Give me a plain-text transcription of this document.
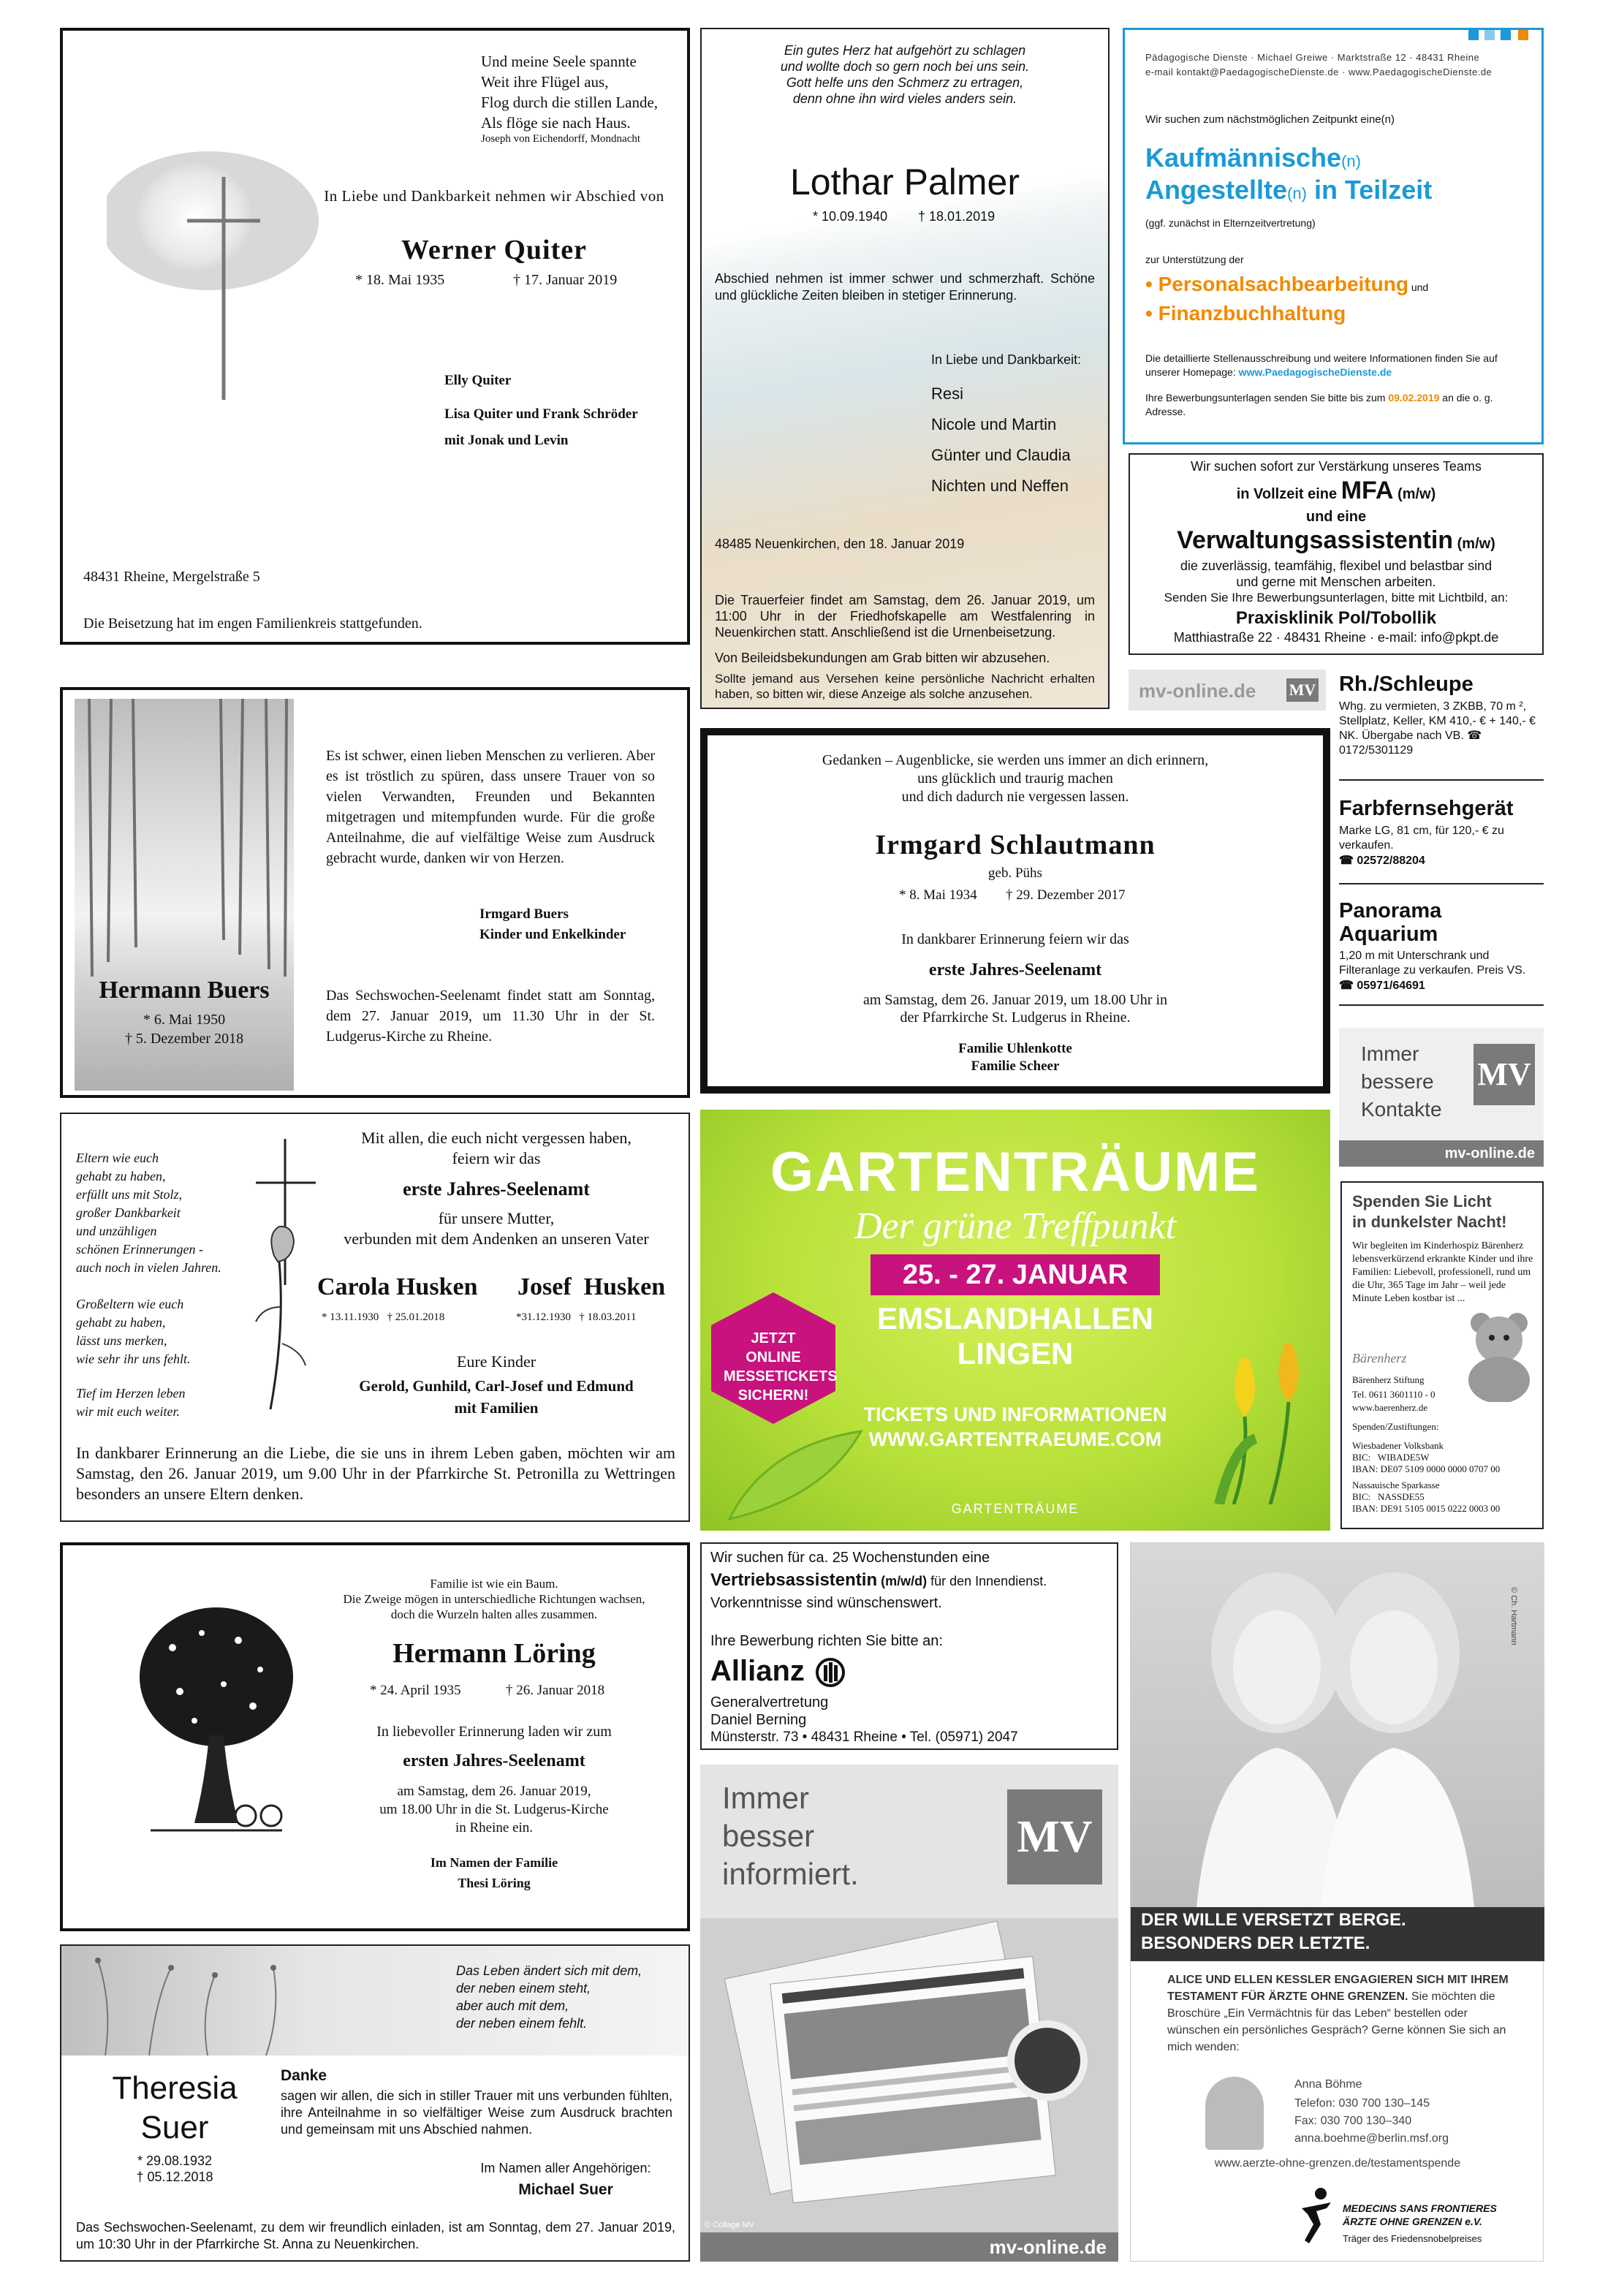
Und meine Seele spannte
Weit ihre Flügel aus,
Flog durch die stillen Lande,
Als flöge sie nach Haus.
Joseph von Eichendorff, Mondnacht
In Liebe und Dankbarkeit nehmen wir Abschied von
Werner Quiter
* 18. Mai 1935	† 17. Januar 2019
Elly Quiter
Lisa Quiter und Frank Schröder
mit Jonak und Levin
48431 Rheine, Mergelstraße 5
Die Beisetzung hat im engen Familienkreis stattgefunden.
Ein gutes Herz hat aufgehört zu schlagen
und wollte doch so gern noch bei uns sein.
Gott helfe uns den Schmerz zu ertragen,
denn ohne ihn wird vieles anders sein.
Lothar Palmer
* 10.09.1940 † 18.01.2019
Abschied nehmen ist immer schwer und schmerzhaft. Schöne und glückliche Zeiten bleiben in stetiger Erinnerung.
In Liebe und Dankbarkeit:
Resi
Nicole und Martin
Günter und Claudia
Nichten und Neffen
48485 Neuenkirchen, den 18. Januar 2019
Die Trauerfeier findet am Samstag, dem 26. Januar 2019, um 11:00 Uhr in der Friedhofskapelle am Westfalenring in Neuenkirchen statt. Anschließend ist die Urnenbeisetzung.
Von Beileidsbekundungen am Grab bitten wir abzusehen.
Sollte jemand aus Versehen keine persönliche Nachricht erhalten haben, so bitten wir, diese Anzeige als solche anzusehen.
Pädagogische Dienste · Michael Greiwe · Marktstraße 12 · 48431 Rheine
e-mail kontakt@PaedagogischeDienste.de · www.PaedagogischeDienste.de
Wir suchen zum nächstmöglichen Zeitpunkt eine(n)
Kaufmännische(n)
Angestellte(n) in Teilzeit
(ggf. zunächst in Elternzeitvertretung)
zur Unterstützung der
• Personalsachbearbeitung und
• Finanzbuchhaltung
Die detaillierte Stellenausschreibung und weitere Informationen finden Sie auf unserer Homepage: www.PaedagogischeDienste.de
Ihre Bewerbungsunterlagen senden Sie bitte bis zum 09.02.2019 an die o. g. Adresse.
Wir suchen sofort zur Verstärkung unseres Teams
in Vollzeit eine MFA (m/w)
und eine
Verwaltungsassistentin (m/w)
die zuverlässig, teamfähig, flexibel und belastbar sind
und gerne mit Menschen arbeiten.
Senden Sie Ihre Bewerbungsunterlagen, bitte mit Lichtbild, an:
Praxisklinik Pol/Tobollik
Matthiastraße 22 · 48431 Rheine · e-mail: info@pkpt.de
mv-online.de MV Rh./Schleupe
Whg. zu vermieten, 3 ZKBB, 70 m ², Stellplatz, Keller, KM 410,- € + 140,- € NK. Übergabe nach VB. ☎ 0172/5301129
Farbfernsehgerät
Marke LG, 81 cm, für 120,- € zu verkaufen.
☎ 02572/88204
Panorama Aquarium
1,20 m mit Unterschrank und Filteranlage zu verkaufen. Preis VS.
☎ 05971/64691
Immer
bessere
Kontakte
MV
mv-online.de
Hermann Buers
* 6. Mai 1950
† 5. Dezember 2018
Es ist schwer, einen lieben Menschen zu verlieren. Aber es ist tröstlich zu spüren, dass unsere Trauer von so vielen Verwandten, Freunden und Bekannten mitgetragen und mitempfunden wurde. Für die große Anteilnahme, die auf vielfältige Weise zum Ausdruck gebracht wurde, danken wir von Herzen.
Irmgard Buers
Kinder und Enkelkinder
Das Sechswochen-Seelenamt findet statt am Sonntag, dem 27. Januar 2019, um 11.30 Uhr in der St. Ludgerus-Kirche zu Rheine.
Gedanken – Augenblicke, sie werden uns immer an dich erinnern,
uns glücklich und traurig machen
und dich dadurch nie vergessen lassen.
Irmgard Schlautmann
geb. Pühs
* 8. Mai 1934 † 29. Dezember 2017
In dankbarer Erinnerung feiern wir das
erste Jahres-Seelenamt
am Samstag, dem 26. Januar 2019, um 18.00 Uhr in
der Pfarrkirche St. Ludgerus in Rheine.
Familie Uhlenkotte
Familie Scheer
Eltern wie euch
gehabt zu haben,
erfüllt uns mit Stolz,
großer Dankbarkeit
und unzähligen
schönen Erinnerungen -
auch noch in vielen Jahren.
Großeltern wie euch
gehabt zu haben,
lässt uns merken,
wie sehr ihr uns fehlt.
Tief im Herzen leben
wir mit euch weiter.
Mit allen, die euch nicht vergessen haben,
feiern wir das
erste Jahres-Seelenamt
für unsere Mutter,
verbunden mit dem Andenken an unseren Vater
Carola Husken
* 13.11.1930   † 25.01.2018
Josef  Husken
*31.12.1930   † 18.03.2011
Eure Kinder
Gerold, Gunhild, Carl-Josef und Edmund
mit Familien
In dankbarer Erinnerung an die Liebe, die sie uns in ihrem Leben gaben, möchten wir am Samstag, den 26. Januar 2019, um 9.00 Uhr in der Pfarrkirche St. Petronilla zu Wettringen besonders an unsere Eltern denken.
GARTENTRÄUME
Der grüne Treffpunkt
25. - 27. JANUAR
EMSLANDHALLEN
LINGEN
JETZT ONLINE MESSETICKETS SICHERN!
TICKETS UND INFORMATIONEN
WWW.GARTENTRAEUME.COM
GARTENTRÄUME
Spenden Sie Licht
in dunkelster Nacht!
Wir begleiten im Kinderhospiz Bärenherz lebensverkürzend erkrankte Kinder und ihre Familien: Liebevoll, professionell, rund um die Uhr, 365 Tage im Jahr – weil jede Minute Leben kostbar ist ...
Bärenherz
Bärenherz Stiftung
Tel. 0611 3601110 - 0
www.baerenherz.de
Spenden/Zustiftungen:
Wiesbadener Volksbank
BIC:   WIBADE5W
IBAN: DE07 5109 0000 0000 0707 00
Nassauische Sparkasse
BIC:   NASSDE55
IBAN: DE91 5105 0015 0222 0003 00
Familie ist wie ein Baum.
Die Zweige mögen in unterschiedliche Richtungen wachsen,
doch die Wurzeln halten alles zusammen.
Hermann Löring
* 24. April 1935	† 26. Januar 2018
In liebevoller Erinnerung laden wir zum
ersten Jahres-Seelenamt
am Samstag, dem 26. Januar 2019,
um 18.00 Uhr in die St. Ludgerus-Kirche
in Rheine ein.
Im Namen der Familie
Thesi Löring
Wir suchen für ca. 25 Wochenstunden eine
Vertriebsassistentin (m/w/d) für den Innendienst.
Vorkenntnisse sind wünschenswert.
Ihre Bewerbung richten Sie bitte an:
Allianz
Generalvertretung
Daniel Berning
Münsterstr. 73 • 48431 Rheine • Tel. (05971) 2047
Immer
besser
informiert.
MV
© Collage MV
mv-online.de
© Ch. Hartmann
DER WILLE VERSETZT BERGE.
BESONDERS DER LETZTE.
ALICE UND ELLEN KESSLER ENGAGIEREN SICH MIT IHREM TESTAMENT FÜR ÄRZTE OHNE GRENZEN. Sie möchten die Broschüre „Ein Vermächtnis für das Leben“ bestellen oder wünschen ein persönliches Gespräch? Gerne können Sie sich an mich wenden:
Anna Böhme
Telefon: 030 700 130–145
Fax: 030 700 130–340
anna.boehme@berlin.msf.org
www.aerzte-ohne-grenzen.de/testamentspende
MEDECINS SANS FRONTIERES
ÄRZTE OHNE GRENZEN e.V.
Träger des Friedensnobelpreises
Das Leben ändert sich mit dem,
der neben einem steht,
aber auch mit dem,
der neben einem fehlt.
Theresia
Suer
* 29.08.1932
† 05.12.2018
Danke
sagen wir allen, die sich in stiller Trauer mit uns verbunden fühlten, ihre Anteilnahme in so vielfältiger Weise zum Ausdruck brachten und gemeinsam mit uns Abschied nahmen.
Im Namen aller Angehörigen:
Michael Suer
Das Sechswochen-Seelenamt, zu dem wir freundlich einladen, ist am Sonntag, dem 27. Januar 2019, um 10:30 Uhr in der Pfarrkirche St. Anna zu Neuenkirchen.
